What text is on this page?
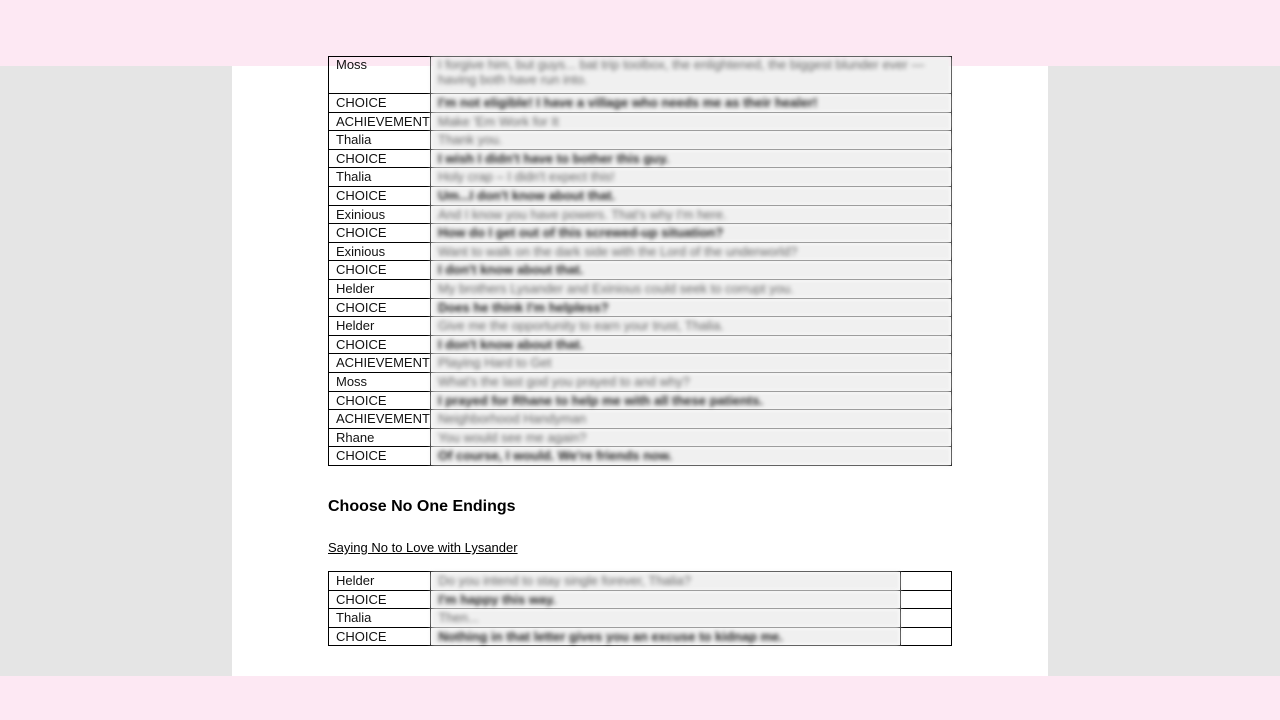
Moss	I forgive him, but guys... bat trip toolbox, the enlightened, the biggest blunder ever — having both have run into.
CHOICE	I'm not eligible! I have a village who needs me as their healer!
ACHIEVEMENT	Make 'Em Work for It
Thalia	Thank you.
CHOICE	I wish I didn't have to bother this guy.
Thalia	Holy crap – I didn't expect this!
CHOICE	Um...I don't know about that.
Exinious	And I know you have powers. That's why I'm here.
CHOICE	How do I get out of this screwed-up situation?
Exinious	Want to walk on the dark side with the Lord of the underworld?
CHOICE	I don't know about that.
Helder	My brothers Lysander and Exinious could seek to corrupt you.
CHOICE	Does he think I'm helpless?
Helder	Give me the opportunity to earn your trust, Thalia.
CHOICE	I don't know about that.
ACHIEVEMENT	Playing Hard to Get
Moss	What's the last god you prayed to and why?
CHOICE	I prayed for Rhane to help me with all these patients.
ACHIEVEMENT	Neighborhood Handyman
Rhane	You would see me again?
CHOICE	Of course, I would. We're friends now.
Choose No One Endings
Saying No to Love with Lysander
Helder	Do you intend to stay single forever, Thalia?	
CHOICE	I'm happy this way.	
Thalia	Then...	
CHOICE	Nothing in that letter gives you an excuse to kidnap me.	
